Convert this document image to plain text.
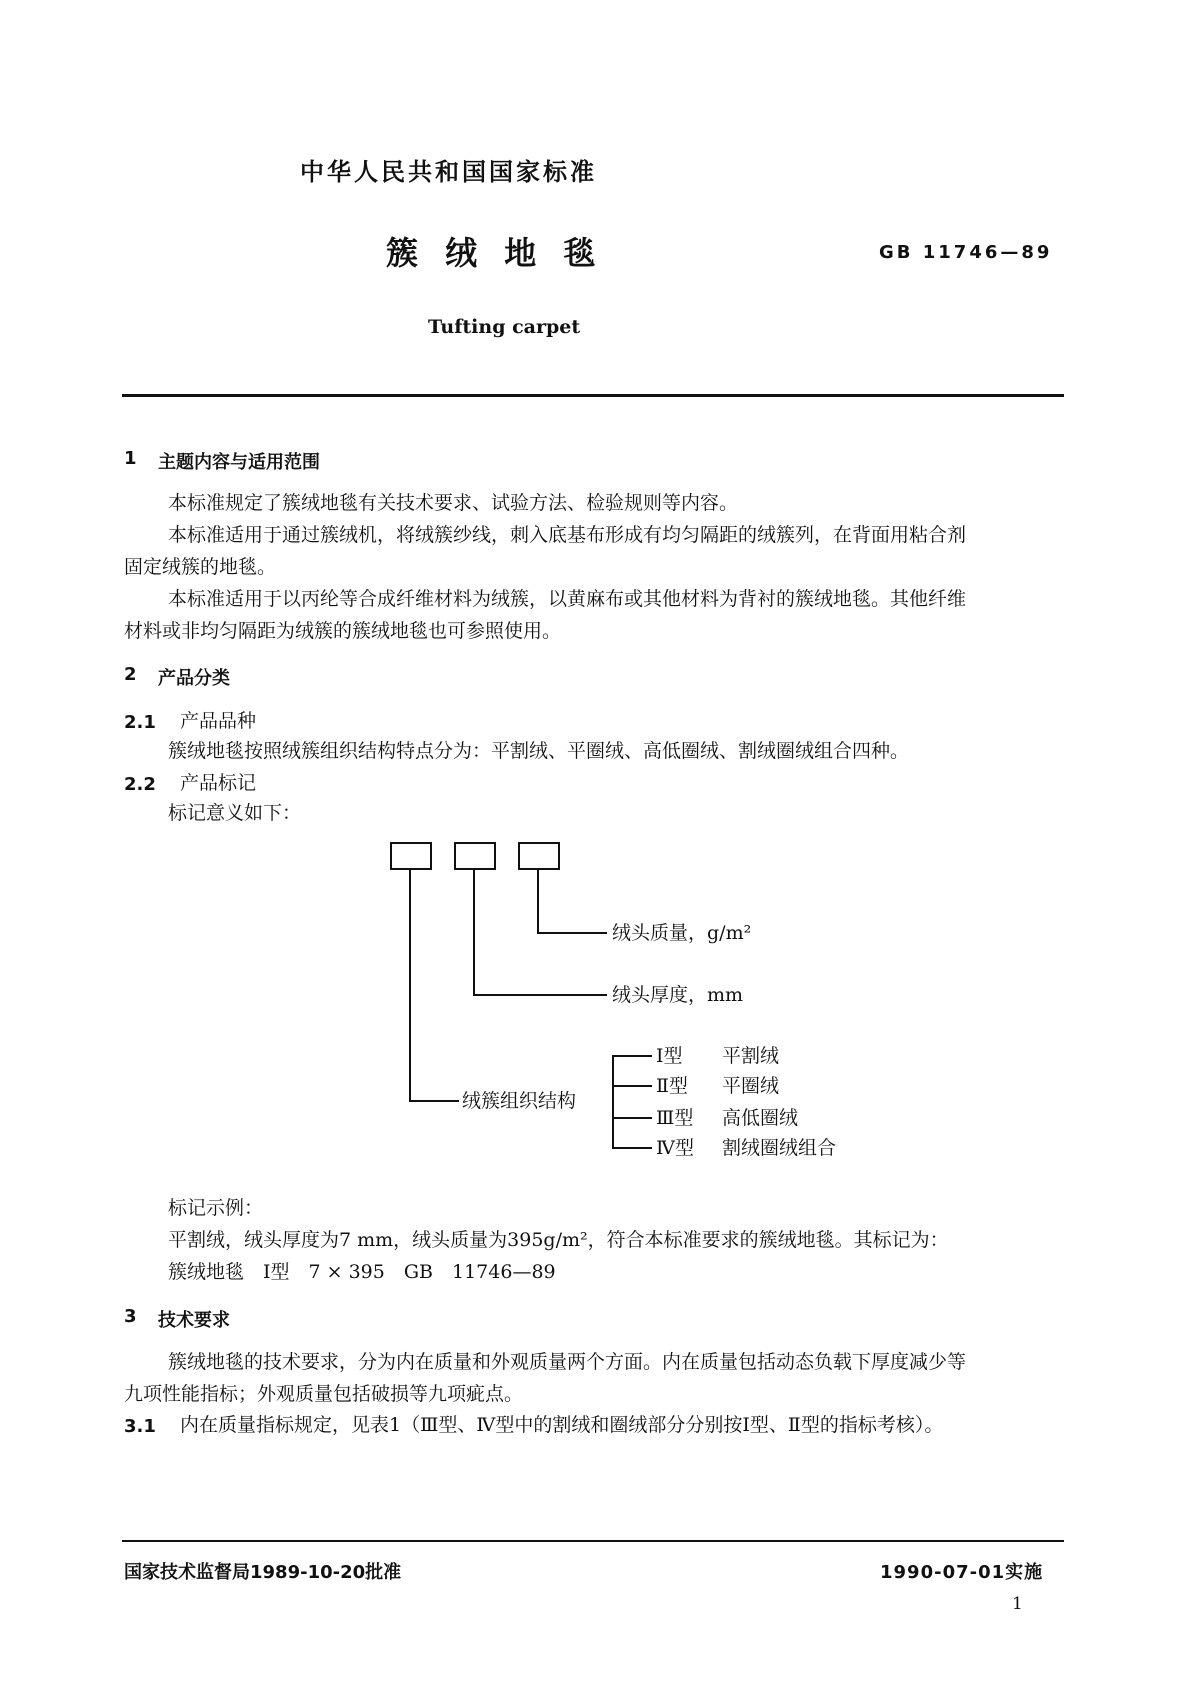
中华人民共和国国家标准
簇 绒 地 毯	GB 11746—89
Tufting carpet
1 主题内容与适用范围
本标准规定了簇绒地毯有关技术要求、试验方法、检验规则等内容。
本标准适用于通过簇绒机，将绒簇纱线，刺入底基布形成有均匀隔距的绒簇列，在背面用粘合剂
固定绒簇的地毯。
本标准适用于以丙纶等合成纤维材料为绒簇，以黄麻布或其他材料为背衬的簇绒地毯。其他纤维
材料或非均匀隔距为绒簇的簇绒地毯也可参照使用。
2 产品分类
2.1 产品品种
簇绒地毯按照绒簇组织结构特点分为：平割绒、平圈绒、高低圈绒、割绒圈绒组合四种。
2.2 产品标记
标记意义如下：
绒头质量，g/m²
绒头厚度，mm
绒簇组织结构
Ⅰ型 平割绒
Ⅱ型 平圈绒
Ⅲ型 高低圈绒
Ⅳ型 割绒圈绒组合
标记示例：
平割绒，绒头厚度为7 mm，绒头质量为395g/m²，符合本标准要求的簇绒地毯。其标记为：
簇绒地毯　Ⅰ型　7 × 395　GB　11746—89
3 技术要求
簇绒地毯的技术要求，分为内在质量和外观质量两个方面。内在质量包括动态负载下厚度减少等
九项性能指标；外观质量包括破损等九项疵点。
3.1 内在质量指标规定，见表1（Ⅲ型、Ⅳ型中的割绒和圈绒部分分别按Ⅰ型、Ⅱ型的指标考核）。
国家技术监督局1989-10-20批准	1990-07-01实施
1
